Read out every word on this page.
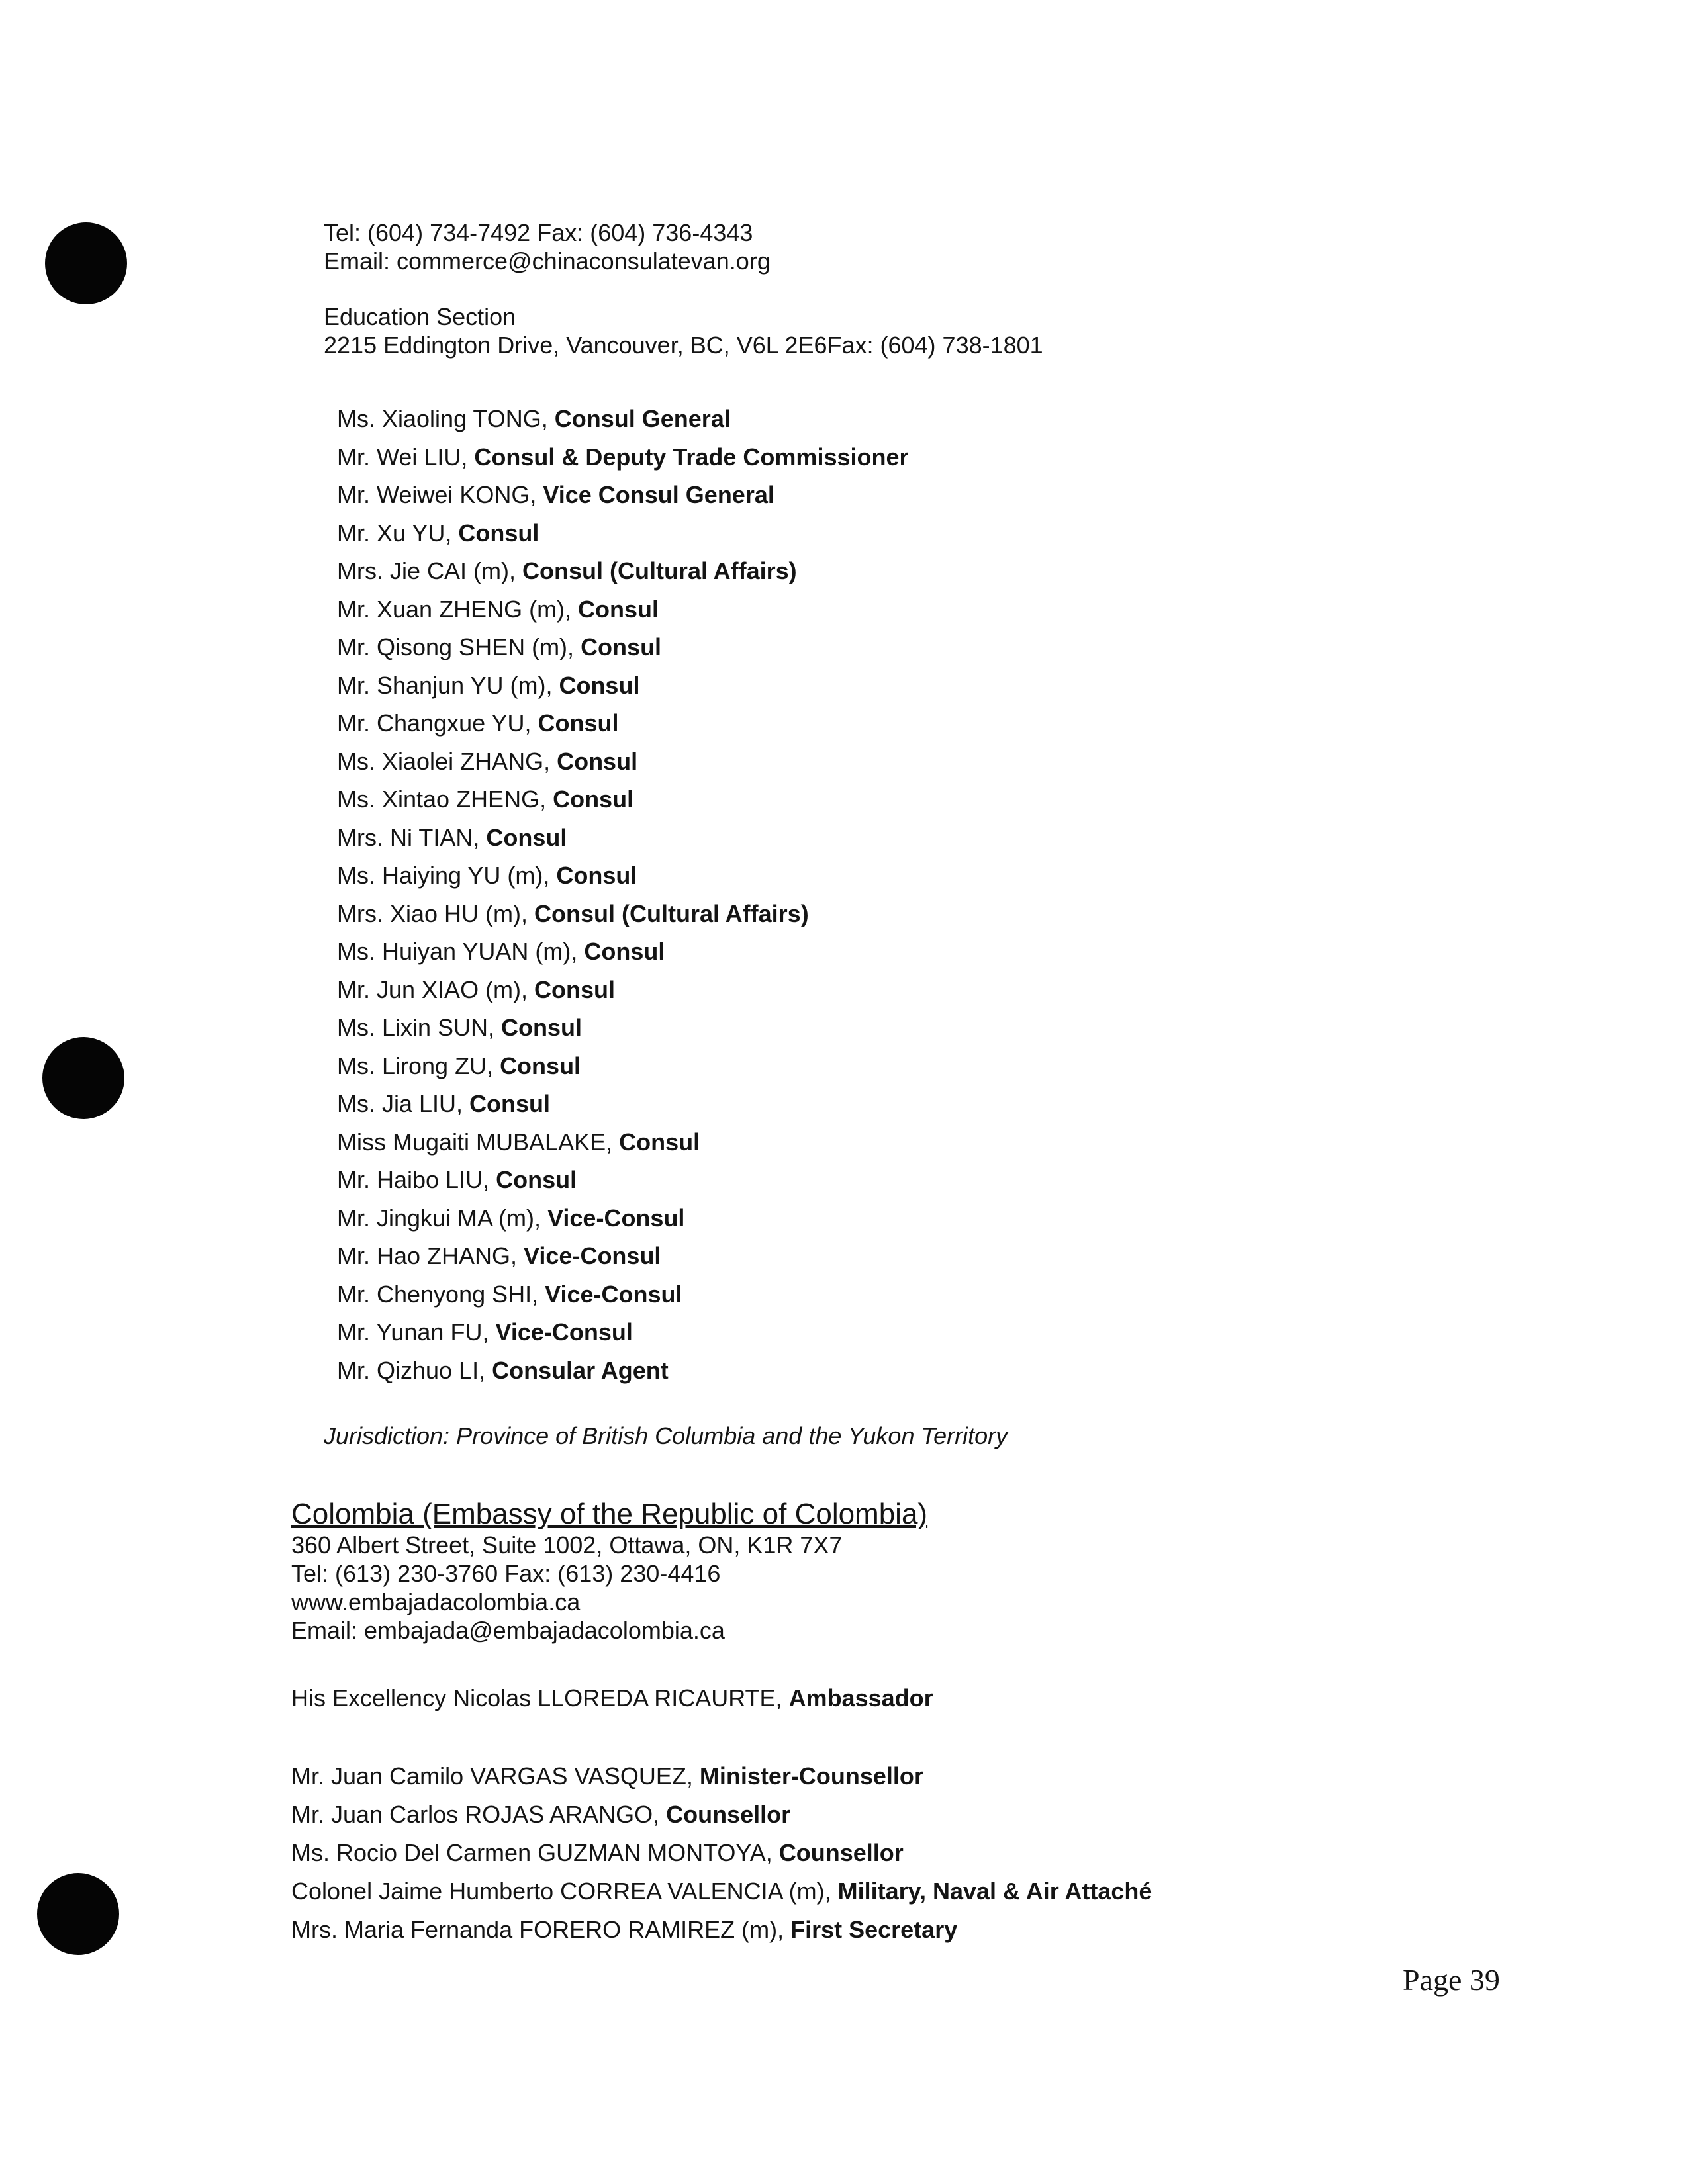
Tel: (604) 734-7492 Fax: (604) 736-4343
Email: commerce@chinaconsulatevan.org
Education Section
2215 Eddington Drive, Vancouver, BC, V6L 2E6Fax: (604) 738-1801
Ms. Xiaoling TONG, Consul General
Mr. Wei LIU, Consul & Deputy Trade Commissioner
Mr. Weiwei KONG, Vice Consul General
Mr. Xu YU, Consul
Mrs. Jie CAI (m), Consul (Cultural Affairs)
Mr. Xuan ZHENG (m), Consul
Mr. Qisong SHEN (m), Consul
Mr. Shanjun YU (m), Consul
Mr. Changxue YU, Consul
Ms. Xiaolei ZHANG, Consul
Ms. Xintao ZHENG, Consul
Mrs. Ni TIAN, Consul
Ms. Haiying YU (m), Consul
Mrs. Xiao HU (m), Consul (Cultural Affairs)
Ms. Huiyan YUAN (m), Consul
Mr. Jun XIAO (m), Consul
Ms. Lixin SUN, Consul
Ms. Lirong ZU, Consul
Ms. Jia LIU, Consul
Miss Mugaiti MUBALAKE, Consul
Mr. Haibo LIU, Consul
Mr. Jingkui MA (m), Vice-Consul
Mr. Hao ZHANG, Vice-Consul
Mr. Chenyong SHI, Vice-Consul
Mr. Yunan FU, Vice-Consul
Mr. Qizhuo LI, Consular Agent
Jurisdiction: Province of British Columbia and the Yukon Territory
Colombia (Embassy of the Republic of Colombia)
360 Albert Street, Suite 1002, Ottawa, ON, K1R 7X7
Tel: (613) 230-3760 Fax: (613) 230-4416
www.embajadacolombia.ca
Email: embajada@embajadacolombia.ca
His Excellency Nicolas LLOREDA RICAURTE, Ambassador
Mr. Juan Camilo VARGAS VASQUEZ, Minister-Counsellor
Mr. Juan Carlos ROJAS ARANGO, Counsellor
Ms. Rocio Del Carmen GUZMAN MONTOYA, Counsellor
Colonel Jaime Humberto CORREA VALENCIA (m), Military, Naval & Air Attaché
Mrs. Maria Fernanda FORERO RAMIREZ (m), First Secretary
Page 39
